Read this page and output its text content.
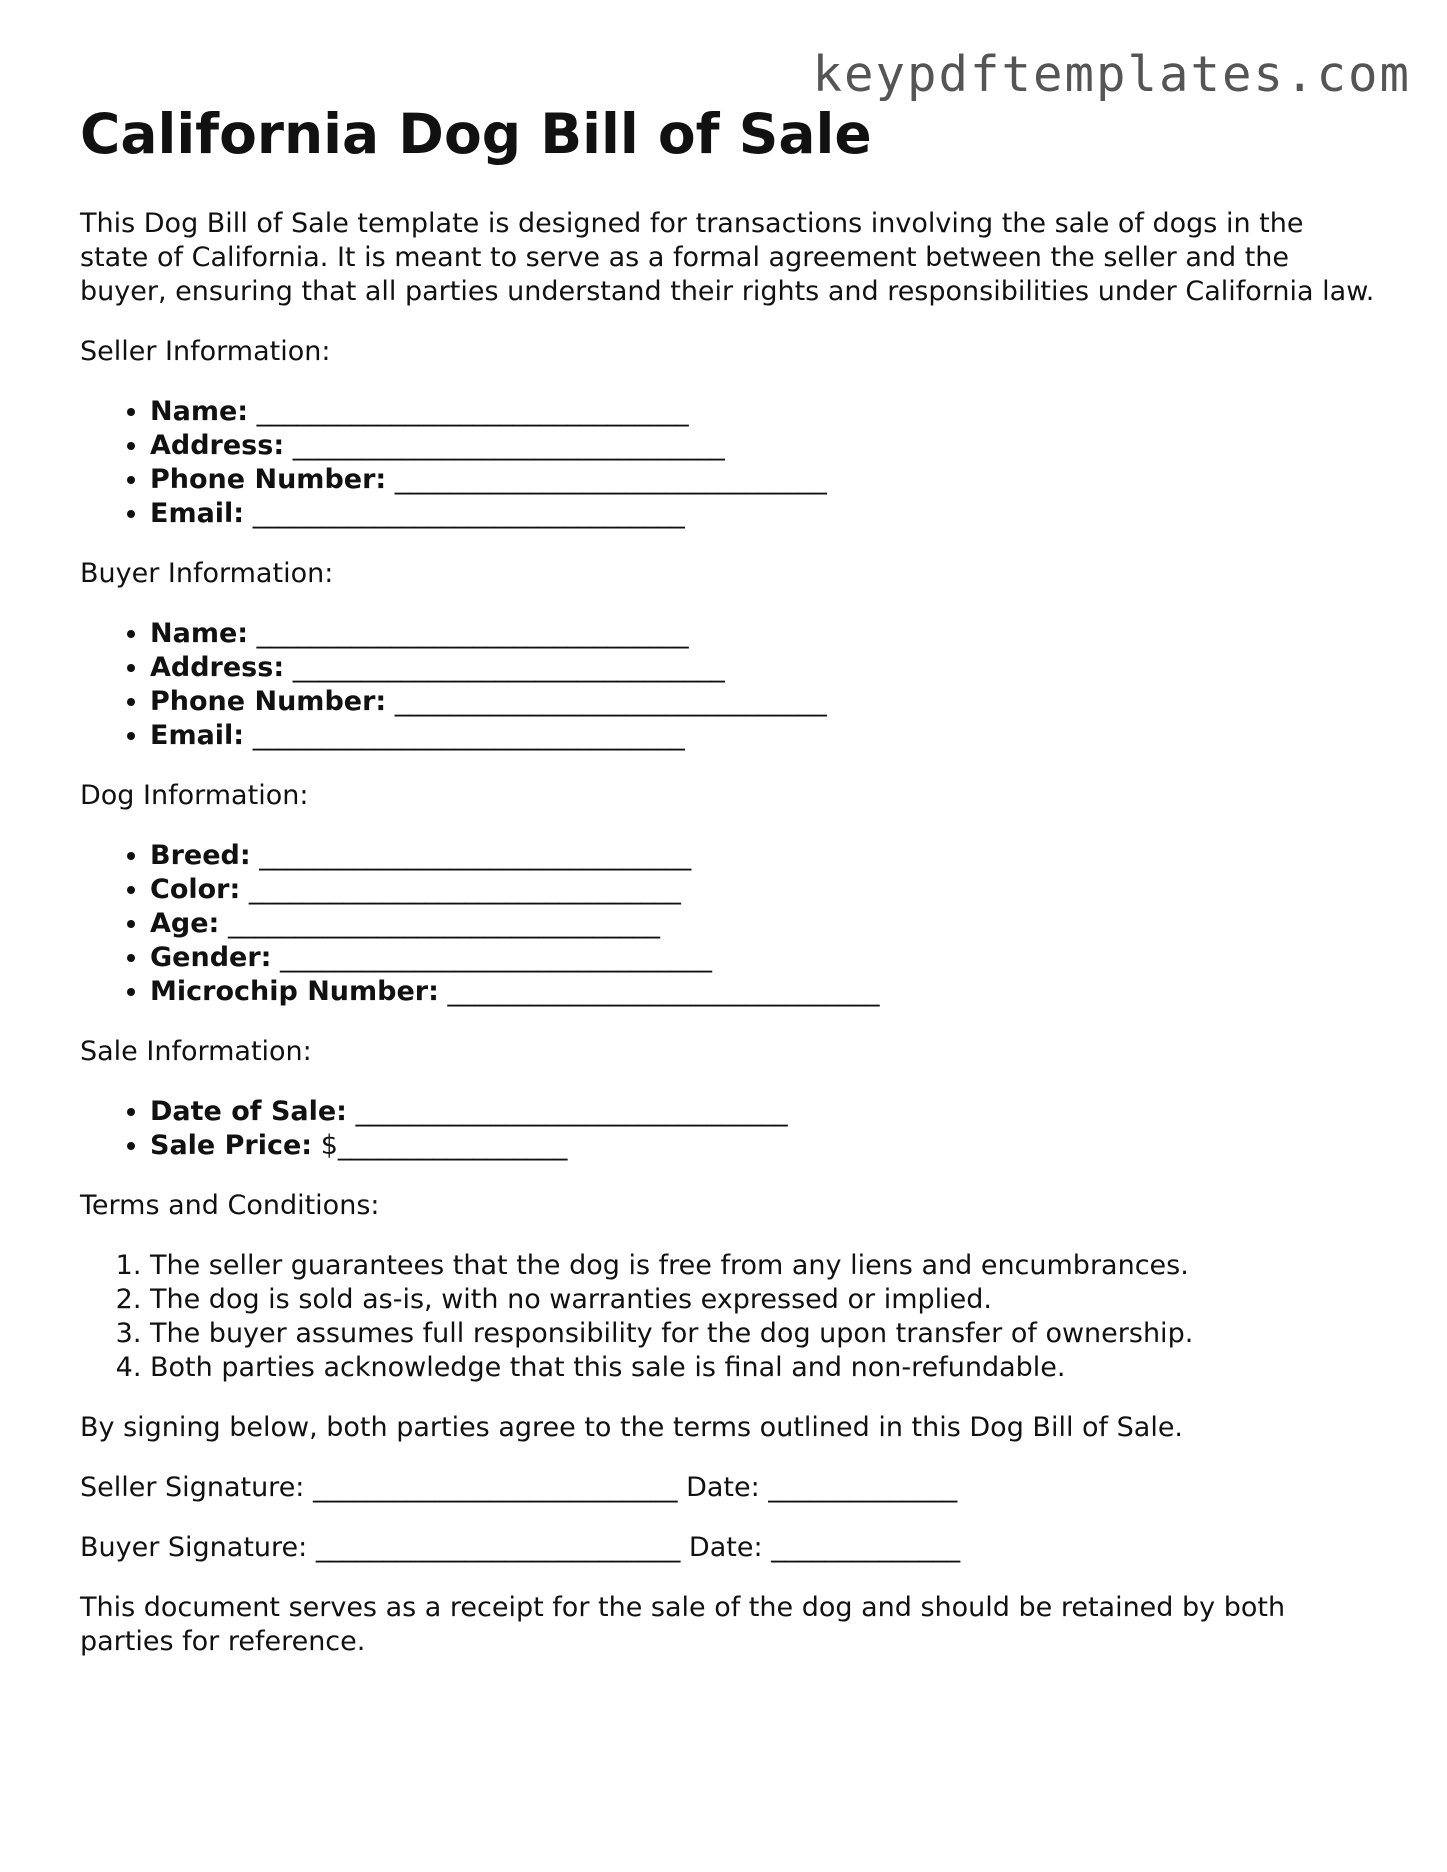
keypdftemplates.com
California Dog Bill of Sale

This Dog Bill of Sale template is designed for transactions involving the sale of dogs in the state of California. It is meant to serve as a formal agreement between the seller and the buyer, ensuring that all parties understand their rights and responsibilities under California law.

Seller Information:

• Name: ________________________________
• Address: ________________________________
• Phone Number: ________________________________
• Email: ________________________________

Buyer Information:

• Name: ________________________________
• Address: ________________________________
• Phone Number: ________________________________
• Email: ________________________________

Dog Information:

• Breed: ________________________________
• Color: ________________________________
• Age: ________________________________
• Gender: ________________________________
• Microchip Number: ________________________________

Sale Information:

• Date of Sale: ________________________________
• Sale Price: $_________________

Terms and Conditions:

1. The seller guarantees that the dog is free from any liens and encumbrances.
2. The dog is sold as-is, with no warranties expressed or implied.
3. The buyer assumes full responsibility for the dog upon transfer of ownership.
4. Both parties acknowledge that this sale is final and non-refundable.

By signing below, both parties agree to the terms outlined in this Dog Bill of Sale.

Seller Signature: ___________________________ Date: ______________

Buyer Signature: ___________________________ Date: ______________

This document serves as a receipt for the sale of the dog and should be retained by both parties for reference.
